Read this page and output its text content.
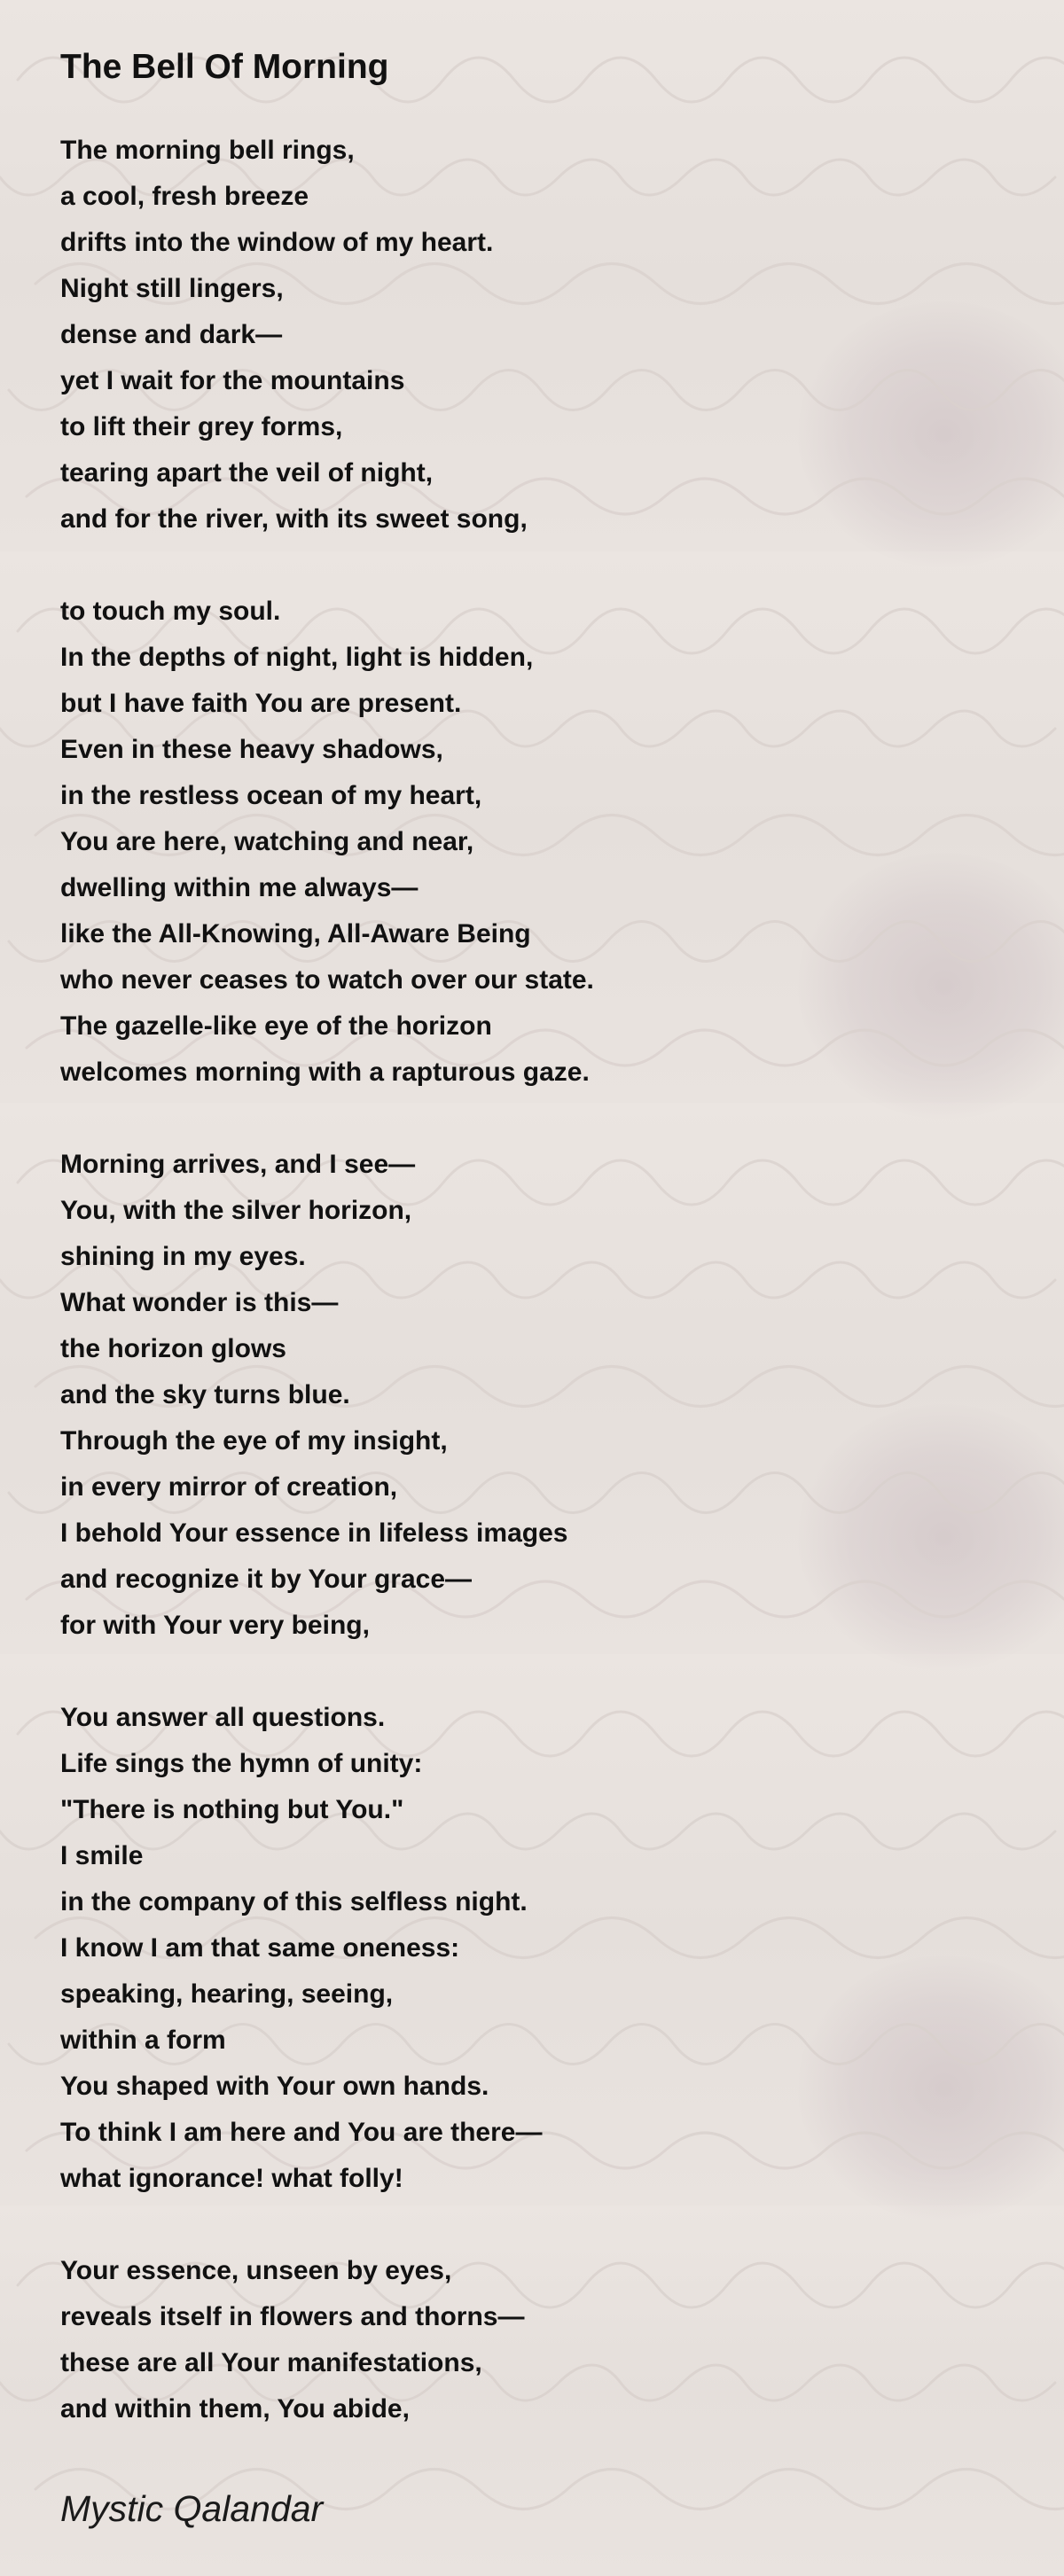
The Bell Of Morning
The morning bell rings,
a cool, fresh breeze
drifts into the window of my heart.
Night still lingers,
dense and dark—
yet I wait for the mountains
to lift their grey forms,
tearing apart the veil of night,
and for the river, with its sweet song,
to touch my soul.
In the depths of night, light is hidden,
but I have faith You are present.
Even in these heavy shadows,
in the restless ocean of my heart,
You are here, watching and near,
dwelling within me always—
like the All-Knowing, All-Aware Being
who never ceases to watch over our state.
The gazelle-like eye of the horizon
welcomes morning with a rapturous gaze.
Morning arrives, and I see—
You, with the silver horizon,
shining in my eyes.
What wonder is this—
the horizon glows
and the sky turns blue.
Through the eye of my insight,
in every mirror of creation,
I behold Your essence in lifeless images
and recognize it by Your grace—
for with Your very being,
You answer all questions.
Life sings the hymn of unity:
"There is nothing but You."
I smile
in the company of this selfless night.
I know I am that same oneness:
speaking, hearing, seeing,
within a form
You shaped with Your own hands.
To think I am here and You are there—
what ignorance! what folly!
Your essence, unseen by eyes,
reveals itself in flowers and thorns—
these are all Your manifestations,
and within them, You abide,
Mystic Qalandar
